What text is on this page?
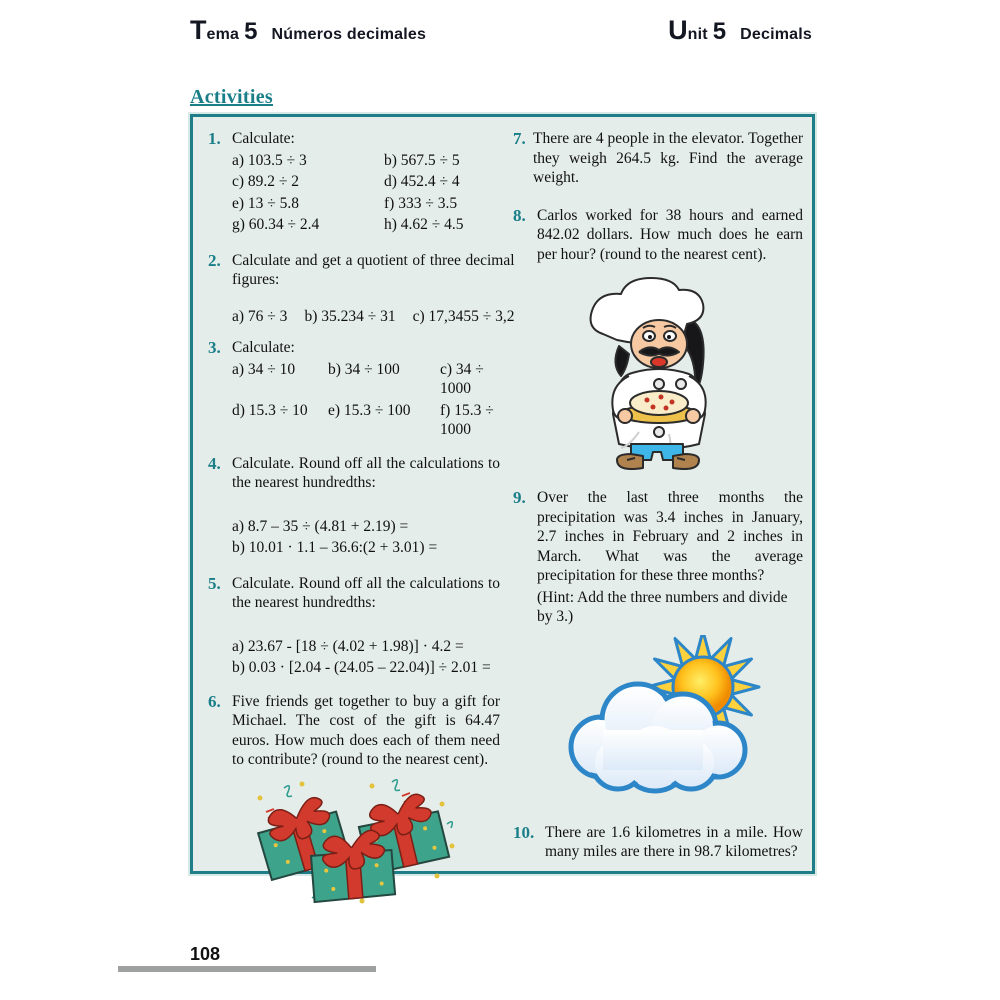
T ema 5 Números decimales	U nit 5 Decimals
Activities
1. Calculate:
a) 103.5 ÷ 3	b) 567.5 ÷ 5
c) 89.2 ÷ 2	d) 452.4 ÷ 4
e) 13 ÷ 5.8	f) 333 ÷ 3.5
g) 60.34 ÷ 2.4	h) 4.62 ÷ 4.5
2. Calculate and get a quotient of three decimal figures:
a) 76 ÷ 3 b) 35.234 ÷ 31 c) 17,3455 ÷ 3,2
3. Calculate:
a) 34 ÷ 10	b) 34 ÷ 100	c) 34 ÷ 1000
d) 15.3 ÷ 10	e) 15.3 ÷ 100	f) 15.3 ÷ 1000
4. Calculate. Round off all the calculations to the nearest hundredths:
a) 8.7 – 35 ÷ (4.81 + 2.19) =
b) 10.01 · 1.1 – 36.6:(2 + 3.01) =
5. Calculate. Round off all the calculations to the nearest hundredths:
a) 23.67 - [18 ÷ (4.02 + 1.98)] · 4.2 =
b) 0.03 · [2.04 - (24.05 – 22.04)] ÷ 2.01 =
6. Five friends get together to buy a gift for Michael. The cost of the gift is 64.47 euros. How much does each of them need to contribute? (round to the nearest cent).
7. There are 4 people in the elevator. Together they weigh 264.5 kg. Find the average weight.
8. Carlos worked for 38 hours and earned 842.02 dollars. How much does he earn per hour? (round to the nearest cent).
9. Over the last three months the precipitation was 3.4 inches in January, 2.7 inches in February and 2 inches in March. What was the average precipitation for these three months?
(Hint: Add the three numbers and divide by 3.)
10. There are 1.6 kilometres in a mile. How many miles are there in 98.7 kilometres?
108
